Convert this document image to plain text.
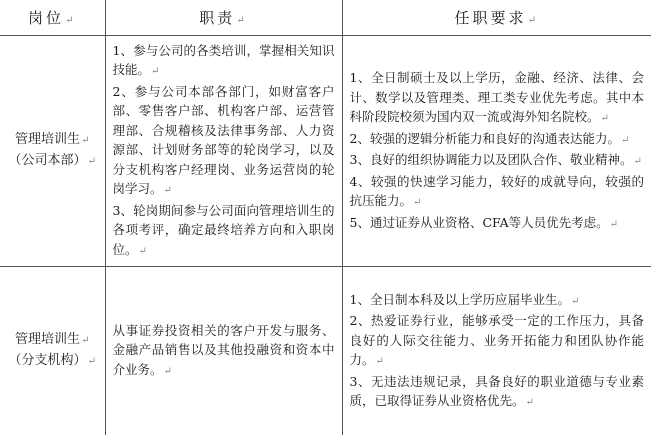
岗位↵	职责↵	任职要求↵

管理培训生↵
（公司本部）↵	1、参与公司的各类培训，掌握相关知识技能。↵
2、参与公司本部各部门，如财富客户部、零售客户部、机构客户部、运营管理部、合规稽核及法律事务部、人力资源部、计划财务部等的轮岗学习，以及分支机构客户经理岗、业务运营岗的轮岗学习。↵
3、轮岗期间参与公司面向管理培训生的各项考评，确定最终培养方向和入职岗位。↵	1、全日制硕士及以上学历，金融、经济、法律、会计、数学以及管理类、理工类专业优先考虑。其中本科阶段院校须为国内双一流或海外知名院校。↵
2、较强的逻辑分析能力和良好的沟通表达能力。↵
3、良好的组织协调能力以及团队合作、敬业精神。↵
4、较强的快速学习能力，较好的成就导向，较强的抗压能力。↵
5、通过证券从业资格、CFA等人员优先考虑。↵

管理培训生↵
（分支机构）↵	从事证券投资相关的客户开发与服务、金融产品销售以及其他投融资和资本中介业务。↵	1、全日制本科及以上学历应届毕业生。↵
2、热爱证券行业，能够承受一定的工作压力，具备良好的人际交往能力、业务开拓能力和团队协作能力。↵
3、无违法违规记录，具备良好的职业道德与专业素质，已取得证券从业资格优先。↵
